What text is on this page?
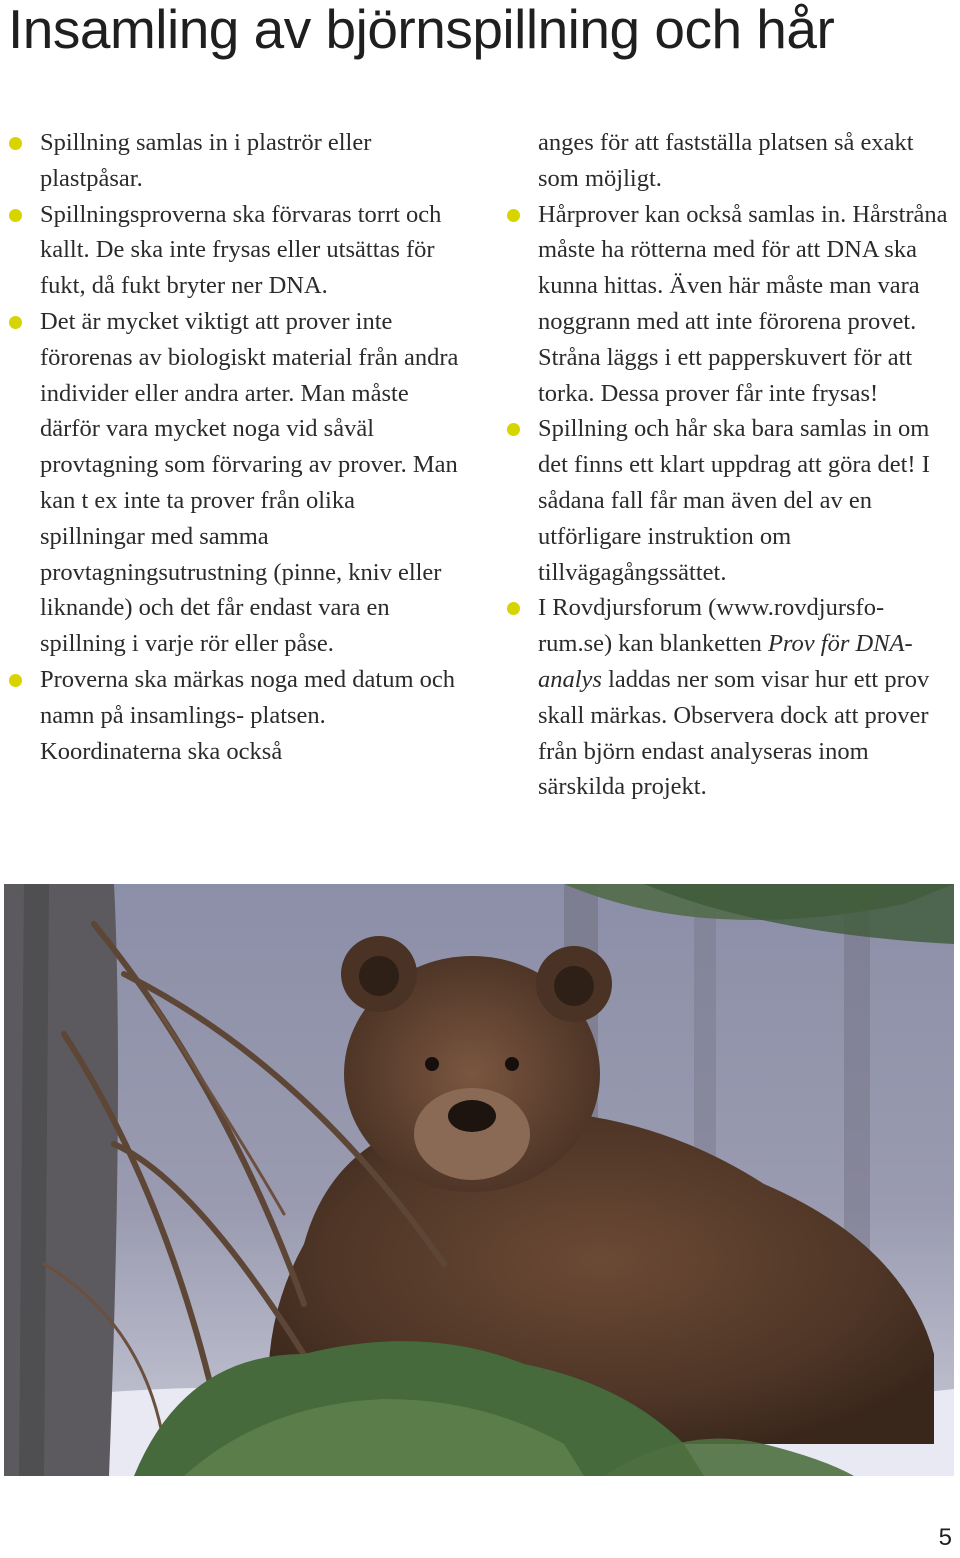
Insamling av björnspillning och hår

Spillning samlas in i plaströr eller plastpåsar.

Spillningsproverna ska förvaras torrt och kallt. De ska inte frysas eller utsättas för fukt, då fukt bryter ner DNA.

Det är mycket viktigt att prover inte förorenas av biologiskt material från andra individer eller andra arter. Man måste därför vara mycket noga vid såväl provtagning som förvaring av prover. Man kan t ex inte ta prover från olika spillningar med samma provtagningsutrustning (pinne, kniv eller liknande) och det får endast vara en spillning i varje rör eller påse.

Proverna ska märkas noga med datum och namn på insamlings- platsen. Koordinaterna ska också

anges för att fastställa platsen så exakt som möjligt.

Hårprover kan också samlas in. Hårstråna måste ha rötterna med för att DNA ska kunna hittas. Även här måste man vara noggrann med att inte förorena provet. Stråna läggs i ett papperskuvert för att torka. Dessa prover får inte frysas!

Spillning och hår ska bara samlas in om det finns ett klart uppdrag att göra det! I sådana fall får man även del av en utförligare instruktion om tillvägagångssättet.

I Rovdjursforum (www.rovdjursfo- rum.se) kan blanketten Prov för DNA-analys laddas ner som visar hur ett prov skall märkas. Observera dock att prover från björn endast analyseras inom särskilda projekt.

5
